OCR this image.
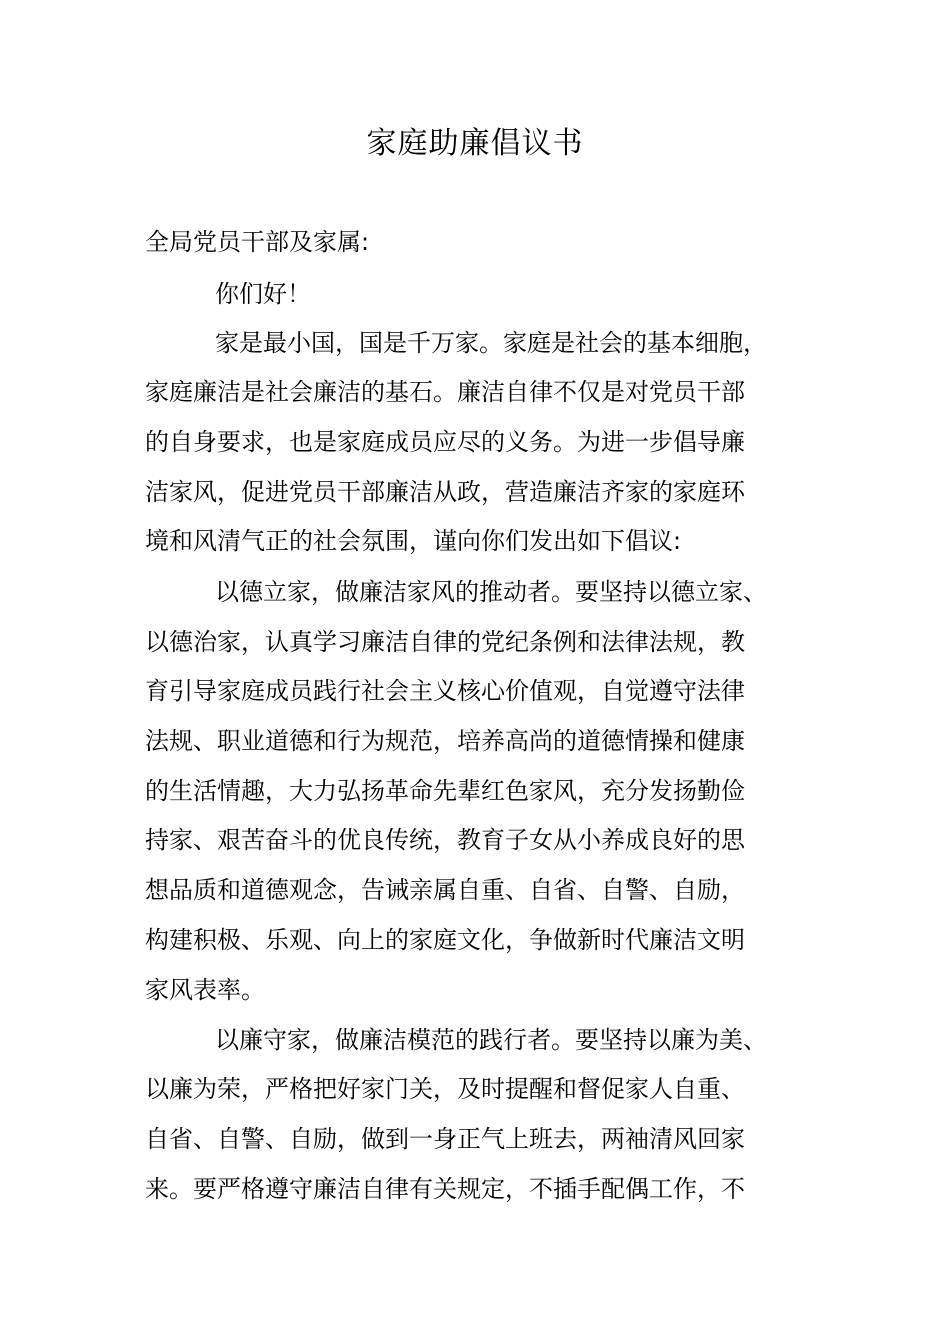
家庭助廉倡议书
全局党员干部及家属:
你们好！
家是最小国，国是千万家。家庭是社会的基本细胞，
家庭廉洁是社会廉洁的基石。廉洁自律不仅是对党员干部
的自身要求，也是家庭成员应尽的义务。为进一步倡导廉
洁家风，促进党员干部廉洁从政，营造廉洁齐家的家庭环
境和风清气正的社会氛围，谨向你们发出如下倡议:
以德立家，做廉洁家风的推动者。要坚持以德立家、
以德治家，认真学习廉洁自律的党纪条例和法律法规，教
育引导家庭成员践行社会主义核心价值观，自觉遵守法律
法规、职业道德和行为规范，培养高尚的道德情操和健康
的生活情趣，大力弘扬革命先辈红色家风，充分发扬勤俭
持家、艰苦奋斗的优良传统，教育子女从小养成良好的思
想品质和道德观念，告诫亲属自重、自省、自警、自励，
构建积极、乐观、向上的家庭文化，争做新时代廉洁文明
家风表率。
以廉守家，做廉洁模范的践行者。要坚持以廉为美、
以廉为荣，严格把好家门关，及时提醒和督促家人自重、
自省、自警、自励，做到一身正气上班去，两袖清风回家
来。要严格遵守廉洁自律有关规定，不插手配偶工作，不
